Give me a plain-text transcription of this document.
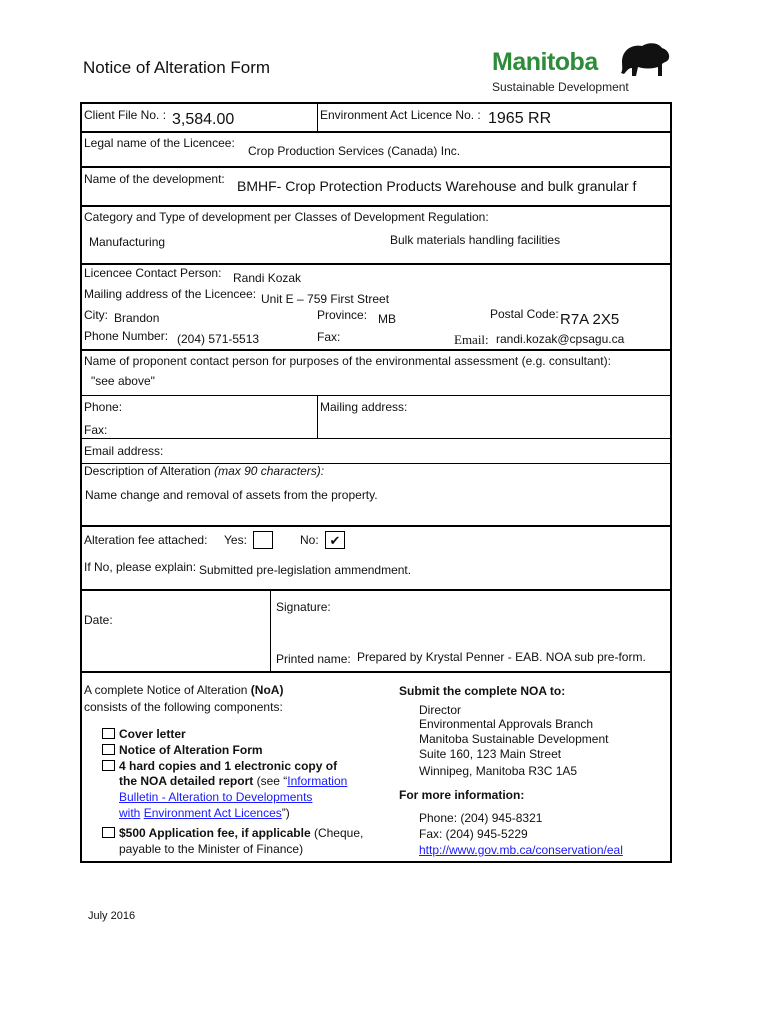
Notice of Alteration Form	Manitoba
Sustainable Development
Client File No. : 3,584.00	Environment Act Licence No. : 1965 RR
Legal name of the Licencee:
Crop Production Services (Canada) Inc.
Name of the development: BMHF- Crop Protection Products Warehouse and bulk granular f
Category and Type of development per Classes of Development Regulation:
Manufacturing	Bulk materials handling facilities
Licencee Contact Person: Randi Kozak
Mailing address of the Licencee: Unit E – 759 First Street
City: Brandon	Province: MB	Postal Code: R7A 2X5
Phone Number: (204) 571-5513	Fax:	Email: randi.kozak@cpsagu.ca
Name of proponent contact person for purposes of the environmental assessment (e.g. consultant):
"see above"
Phone:	Mailing address:
Fax:
Email address:
Description of Alteration (max 90 characters):
Name change and removal of assets from the property.
Alteration fee attached: Yes:	No: ✔
If No, please explain: Submitted pre-legislation ammendment.
Date:
Signature:
Printed name: Prepared by Krystal Penner - EAB. NOA sub pre-form.
A complete Notice of Alteration (NoA)
consists of the following components:
Cover letter
Notice of Alteration Form
4 hard copies and 1 electronic copy of
the NOA detailed report (see “Information
Bulletin - Alteration to Developments
with Environment Act Licences”)
$500 Application fee, if applicable (Cheque,
payable to the Minister of Finance)
Submit the complete NOA to:
Director
Environmental Approvals Branch
Manitoba Sustainable Development
Suite 160, 123 Main Street
Winnipeg, Manitoba R3C 1A5
For more information:
Phone: (204) 945-8321
Fax: (204) 945-5229
http://www.gov.mb.ca/conservation/eal
July 2016
